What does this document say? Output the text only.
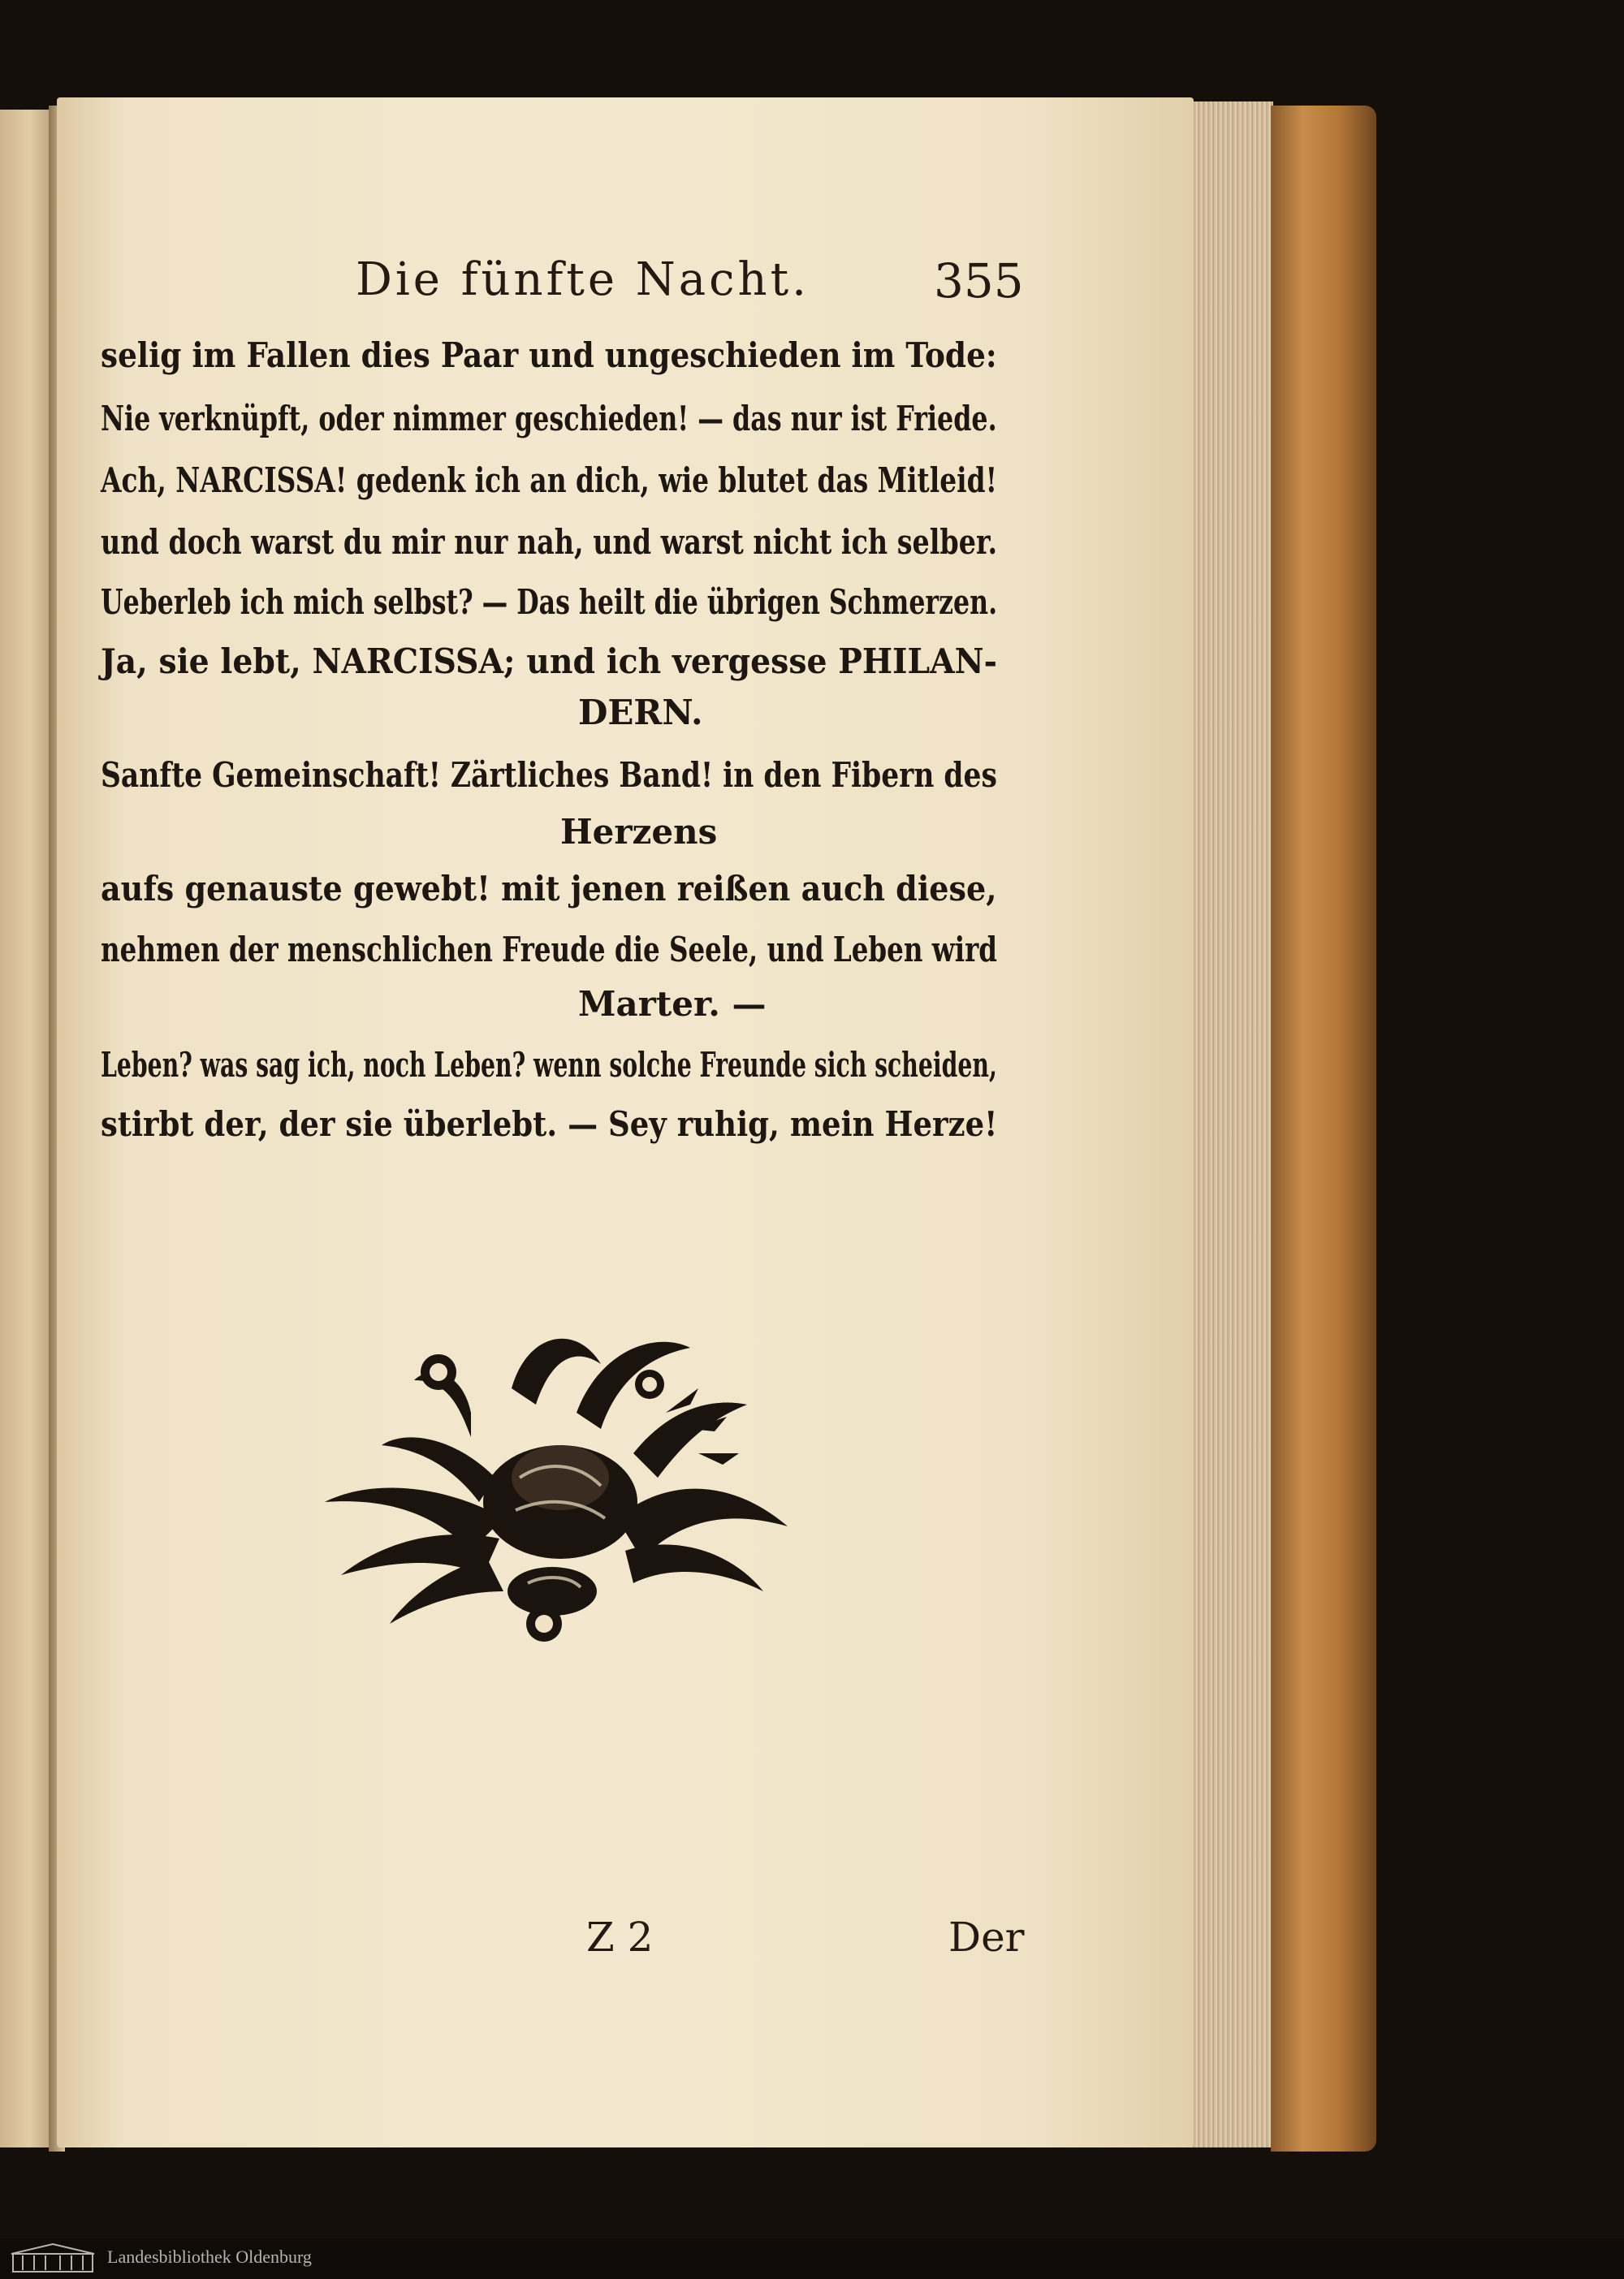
Die fünfte Nacht.	355
selig im Fallen dies Paar und ungeschieden im Tode:
Nie verknüpft, oder nimmer geschieden! — das nur ist Friede.
Ach, NARCISSA! gedenk ich an dich, wie blutet das Mitleid!
und doch warst du mir nur nah, und warst nicht ich selber.
Ueberleb ich mich selbst? — Das heilt die übrigen Schmerzen.
Ja, sie lebt, NARCISSA; und ich vergesse PHILAN-
DERN.
Sanfte Gemeinschaft! Zärtliches Band! in den Fibern des
Herzens
aufs genauste gewebt! mit jenen reißen auch diese,
nehmen der menschlichen Freude die Seele, und Leben wird
Marter. —
Leben? was sag ich, noch Leben? wenn solche Freunde sich scheiden,
stirbt der, der sie überlebt. — Sey ruhig, mein Herze!
Z 2	Der
Landesbibliothek Oldenburg
